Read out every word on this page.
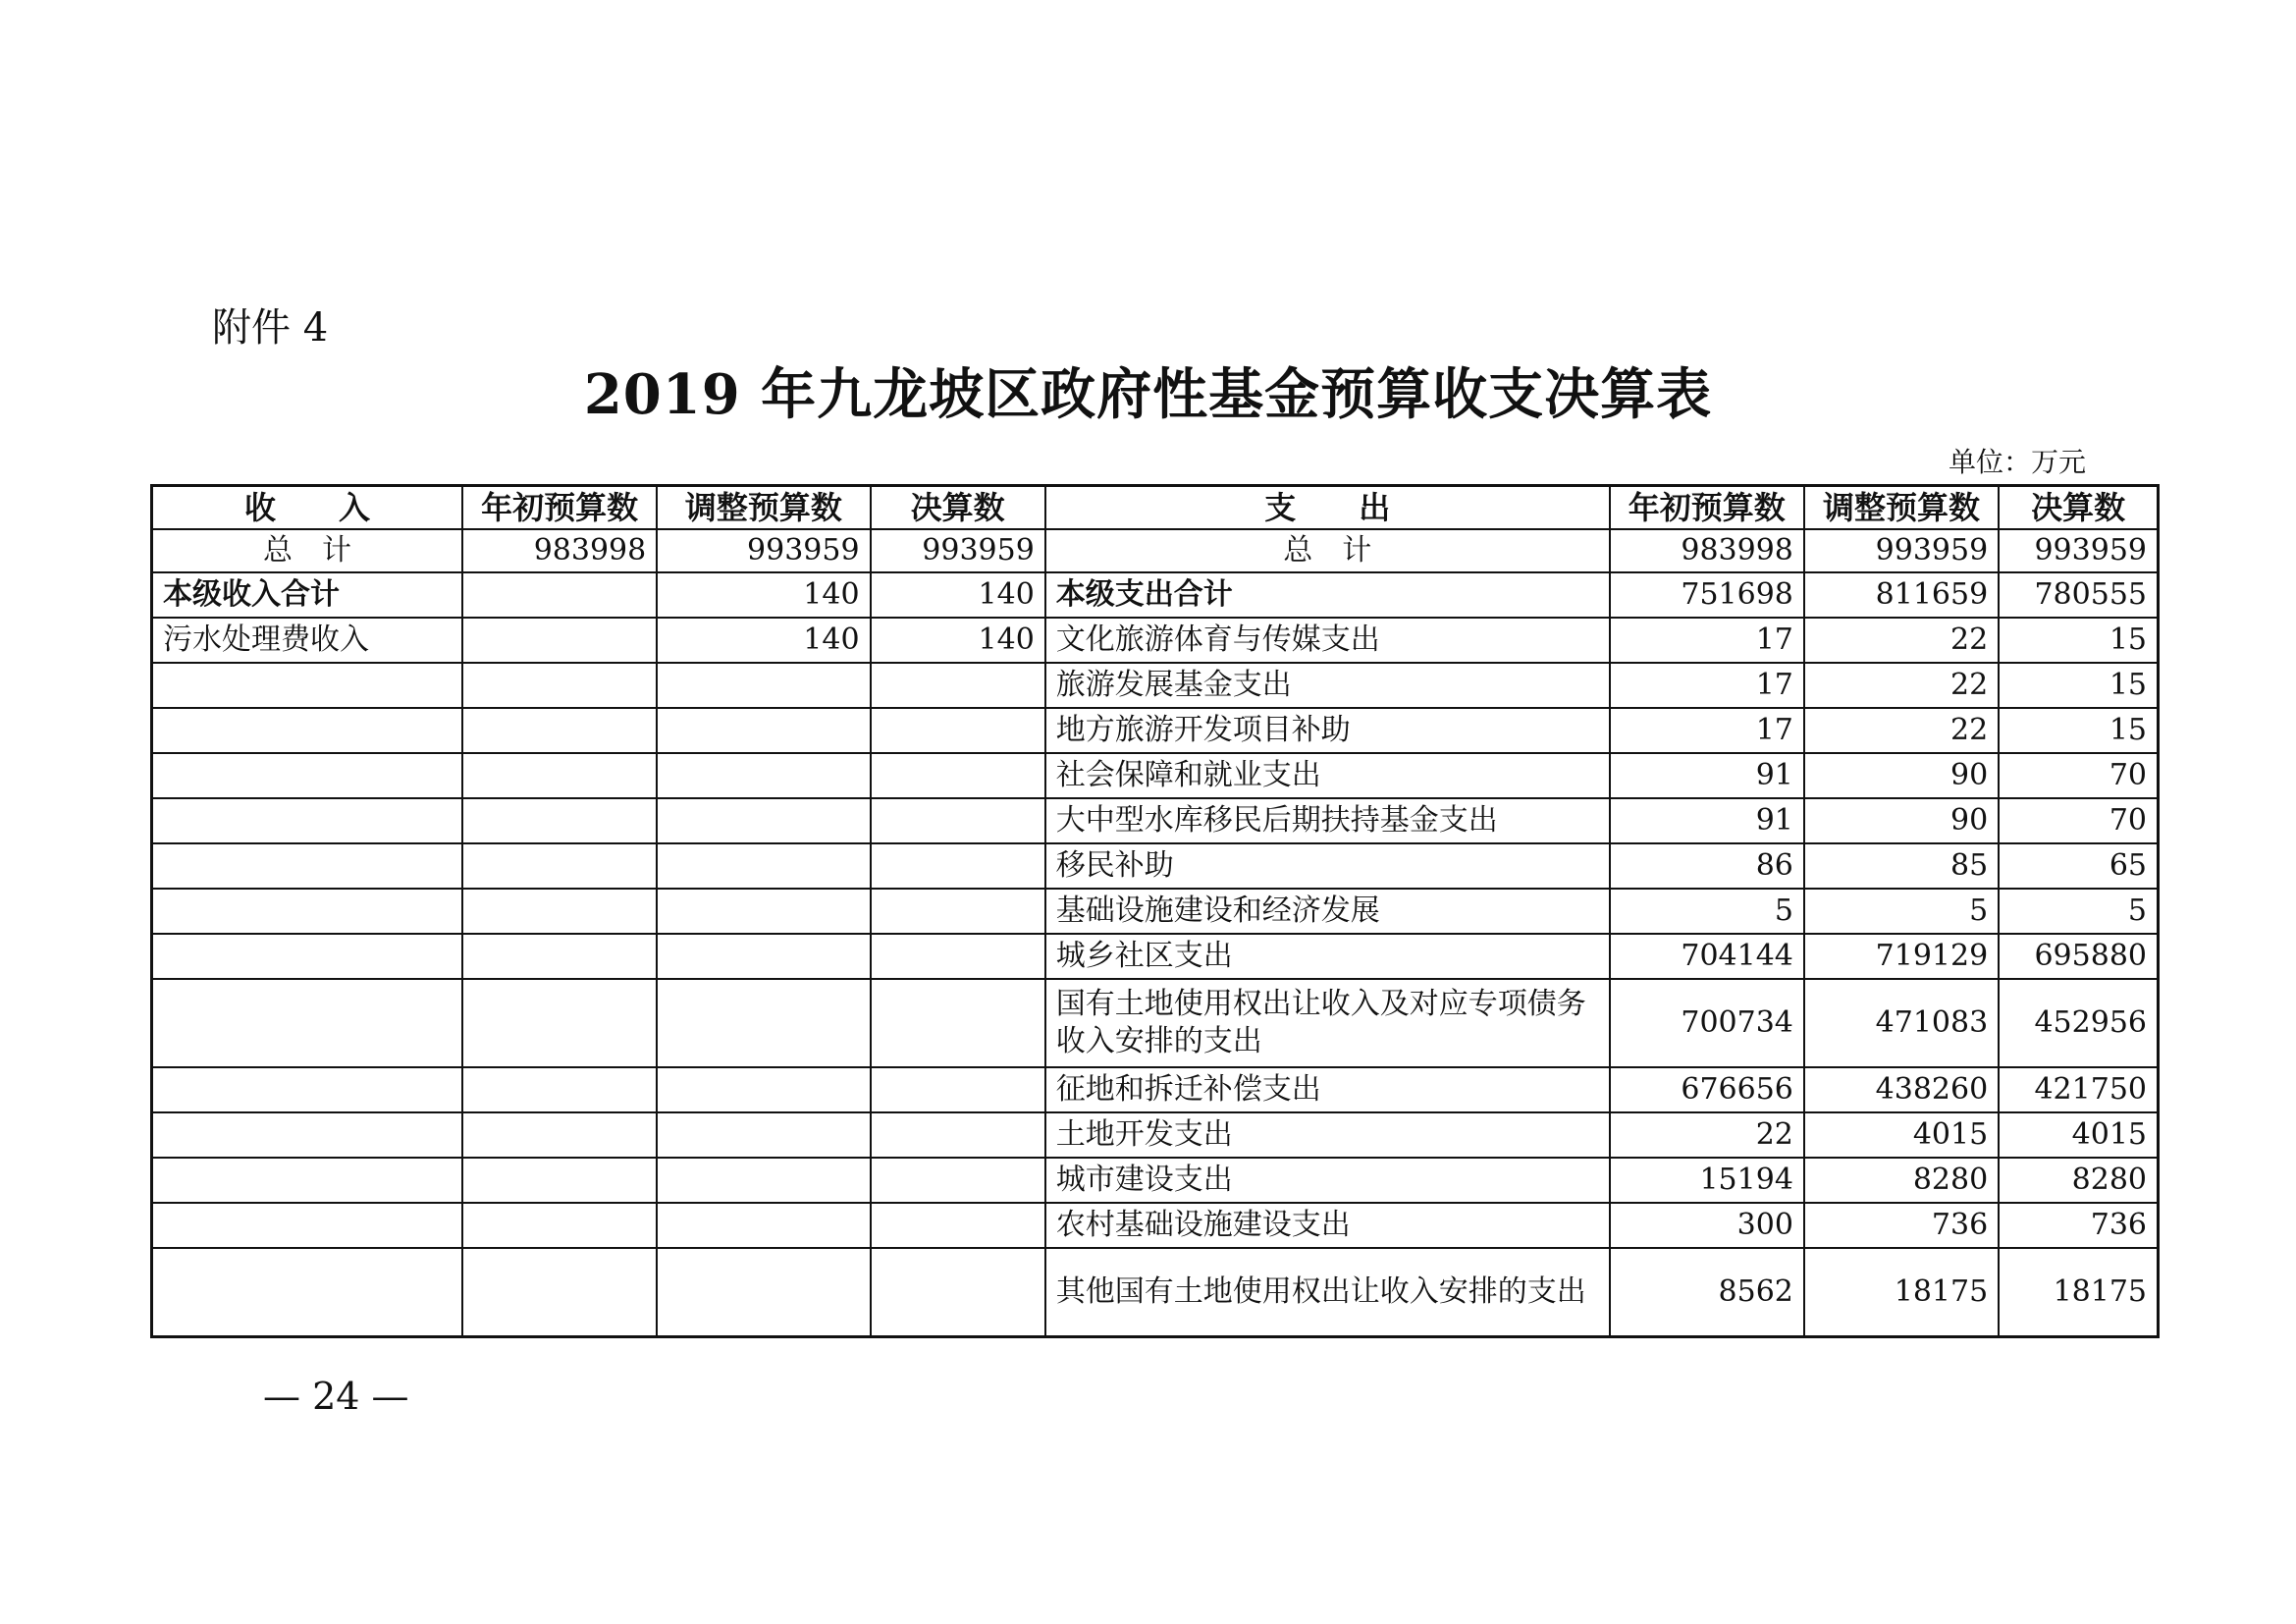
附件 4
2019 年九龙坡区政府性基金预算收支决算表
单位：万元
收　　入	年初预算数	调整预算数	决算数	支　　出	年初预算数	调整预算数	决算数
总　计	983998	993959	993959	总　计	983998	993959	993959
本级收入合计		140	140	本级支出合计	751698	811659	780555
污水处理费收入		140	140	文化旅游体育与传媒支出	17	22	15
				旅游发展基金支出	17	22	15
				地方旅游开发项目补助	17	22	15
				社会保障和就业支出	91	90	70
				大中型水库移民后期扶持基金支出	91	90	70
				移民补助	86	85	65
				基础设施建设和经济发展	5	5	5
				城乡社区支出	704144	719129	695880
				国有土地使用权出让收入及对应专项债务收入安排的支出	700734	471083	452956
				征地和拆迁补偿支出	676656	438260	421750
				土地开发支出	22	4015	4015
				城市建设支出	15194	8280	8280
				农村基础设施建设支出	300	736	736
				其他国有土地使用权出让收入安排的支出	8562	18175	18175
— 24 —
